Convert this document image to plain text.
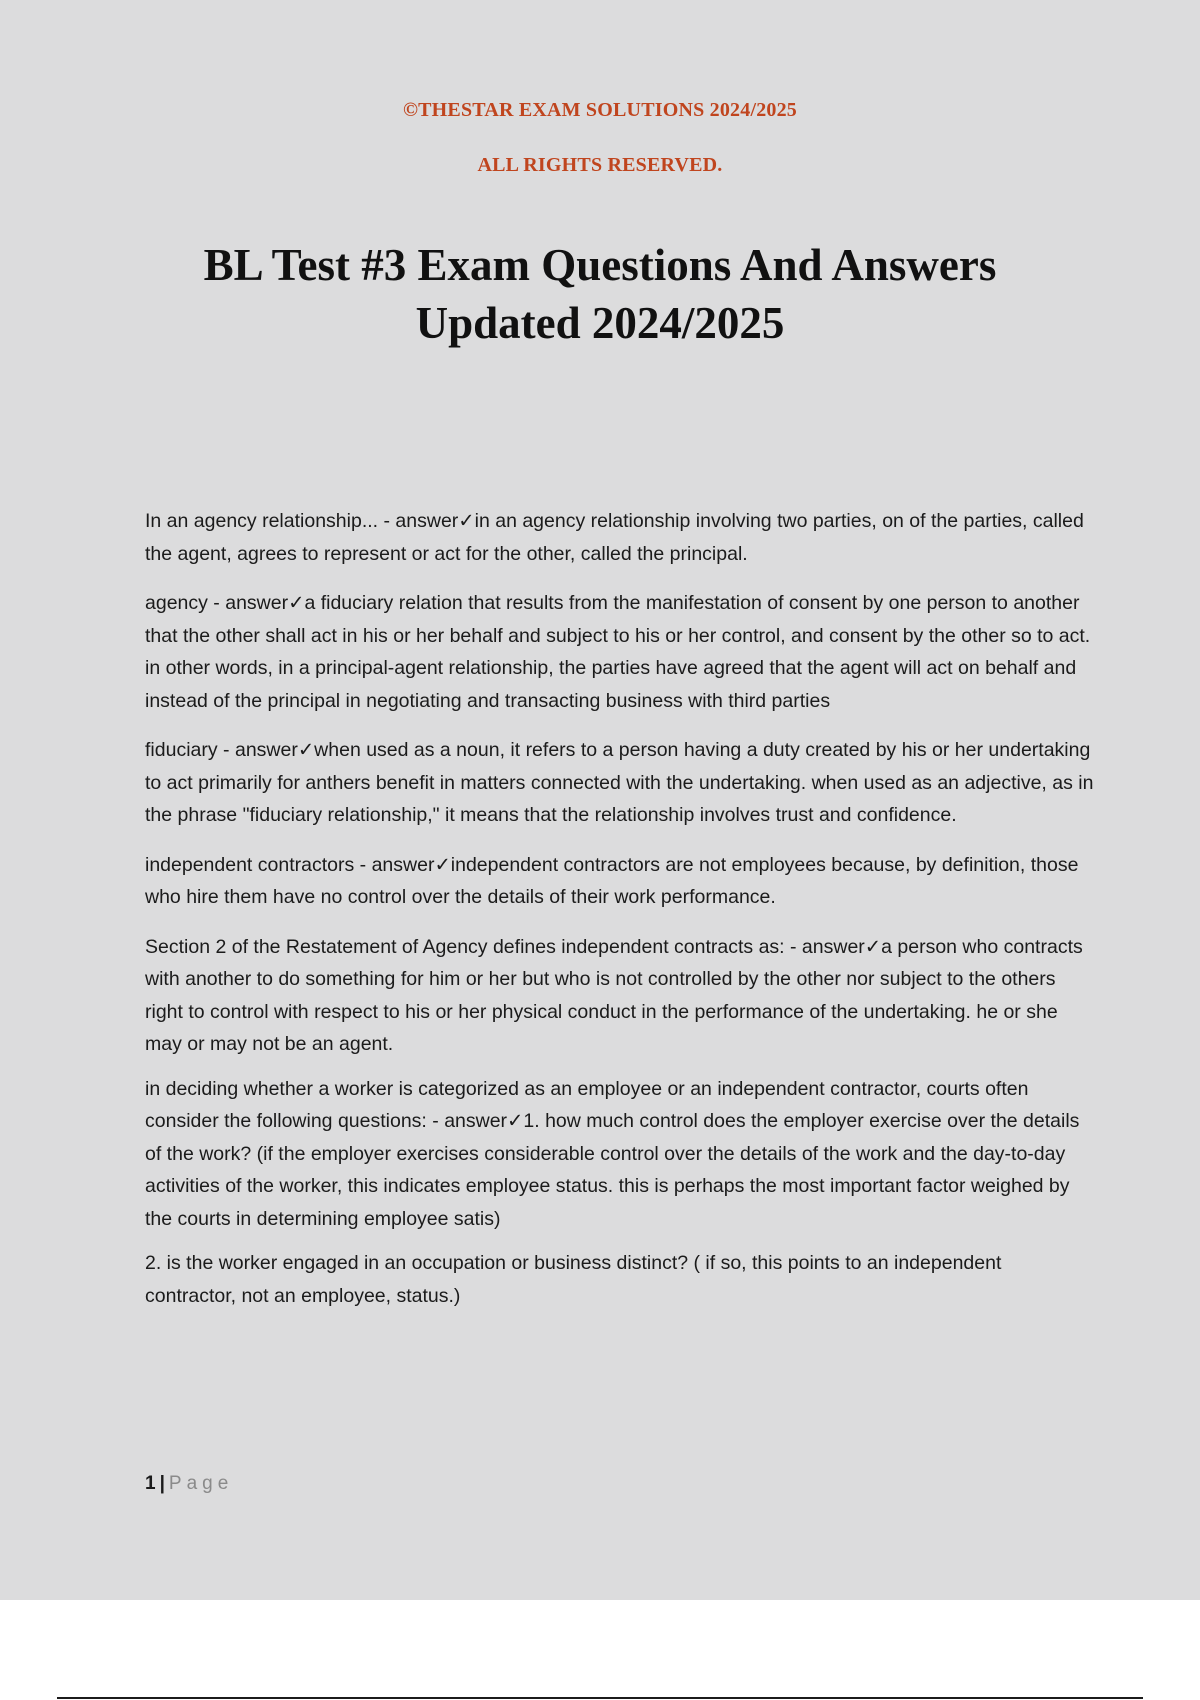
©THESTAR EXAM SOLUTIONS 2024/2025
ALL RIGHTS RESERVED.
BL Test #3 Exam Questions And Answers
Updated 2024/2025

In an agency relationship... - answer✓in an agency relationship involving two parties, on of the parties, called the agent, agrees to represent or act for the other, called the principal.

agency - answer✓a fiduciary relation that results from the manifestation of consent by one person to another that the other shall act in his or her behalf and subject to his or her control, and consent by the other so to act. in other words, in a principal-agent relationship, the parties have agreed that the agent will act on behalf and instead of the principal in negotiating and transacting business with third parties

fiduciary - answer✓when used as a noun, it refers to a person having a duty created by his or her undertaking to act primarily for anthers benefit in matters connected with the undertaking. when used as an adjective, as in the phrase "fiduciary relationship," it means that the relationship involves trust and confidence.

independent contractors - answer✓independent contractors are not employees because, by definition, those who hire them have no control over the details of their work performance.

Section 2 of the Restatement of Agency defines independent contracts as: - answer✓a person who contracts with another to do something for him or her but who is not controlled by the other nor subject to the others right to control with respect to his or her physical conduct in the performance of the undertaking. he or she may or may not be an agent.

in deciding whether a worker is categorized as an employee or an independent contractor, courts often consider the following questions: - answer✓1. how much control does the employer exercise over the details of the work? (if the employer exercises considerable control over the details of the work and the day-to-day activities of the worker, this indicates employee status. this is perhaps the most important factor weighed by the courts in determining employee satis)

2. is the worker engaged in an occupation or business distinct? ( if so, this points to an independent contractor, not an employee, status.)

1 | Page
